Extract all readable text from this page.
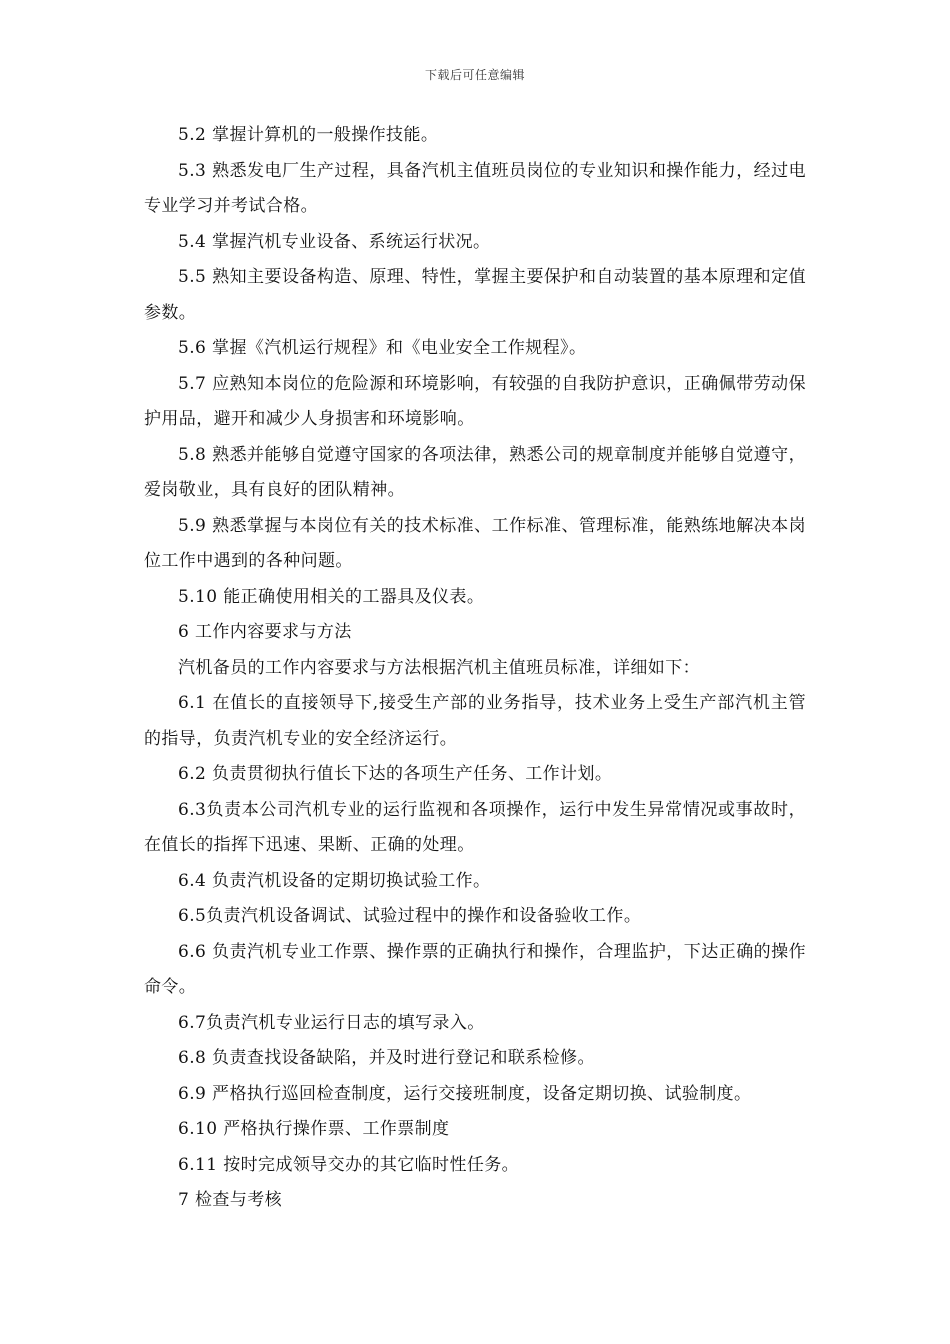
下载后可任意编辑

5.2 掌握计算机的一般操作技能。

5.3 熟悉发电厂生产过程，具备汽机主值班员岗位的专业知识和操作能力，经过电专业学习并考试合格。

5.4 掌握汽机专业设备、系统运行状况。

5.5 熟知主要设备构造、原理、特性，掌握主要保护和自动装置的基本原理和定值参数。

5.6 掌握《汽机运行规程》和《电业安全工作规程》。

5.7 应熟知本岗位的危险源和环境影响，有较强的自我防护意识，正确佩带劳动保护用品，避开和减少人身损害和环境影响。

5.8 熟悉并能够自觉遵守国家的各项法律，熟悉公司的规章制度并能够自觉遵守，爱岗敬业，具有良好的团队精神。

5.9 熟悉掌握与本岗位有关的技术标准、工作标准、管理标准，能熟练地解决本岗位工作中遇到的各种问题。

5.10 能正确使用相关的工器具及仪表。

6 工作内容要求与方法

汽机备员的工作内容要求与方法根据汽机主值班员标准，详细如下：

6.1 在值长的直接领导下,接受生产部的业务指导，技术业务上受生产部汽机主管的指导，负责汽机专业的安全经济运行。

6.2 负责贯彻执行值长下达的各项生产任务、工作计划。

6.3负责本公司汽机专业的运行监视和各项操作，运行中发生异常情况或事故时，在值长的指挥下迅速、果断、正确的处理。

6.4 负责汽机设备的定期切换试验工作。

6.5负责汽机设备调试、试验过程中的操作和设备验收工作。

6.6 负责汽机专业工作票、操作票的正确执行和操作，合理监护，下达正确的操作命令。

6.7负责汽机专业运行日志的填写录入。

6.8 负责查找设备缺陷，并及时进行登记和联系检修。

6.9 严格执行巡回检查制度，运行交接班制度，设备定期切换、试验制度。

6.10 严格执行操作票、工作票制度

6.11 按时完成领导交办的其它临时性任务。

7 检查与考核
